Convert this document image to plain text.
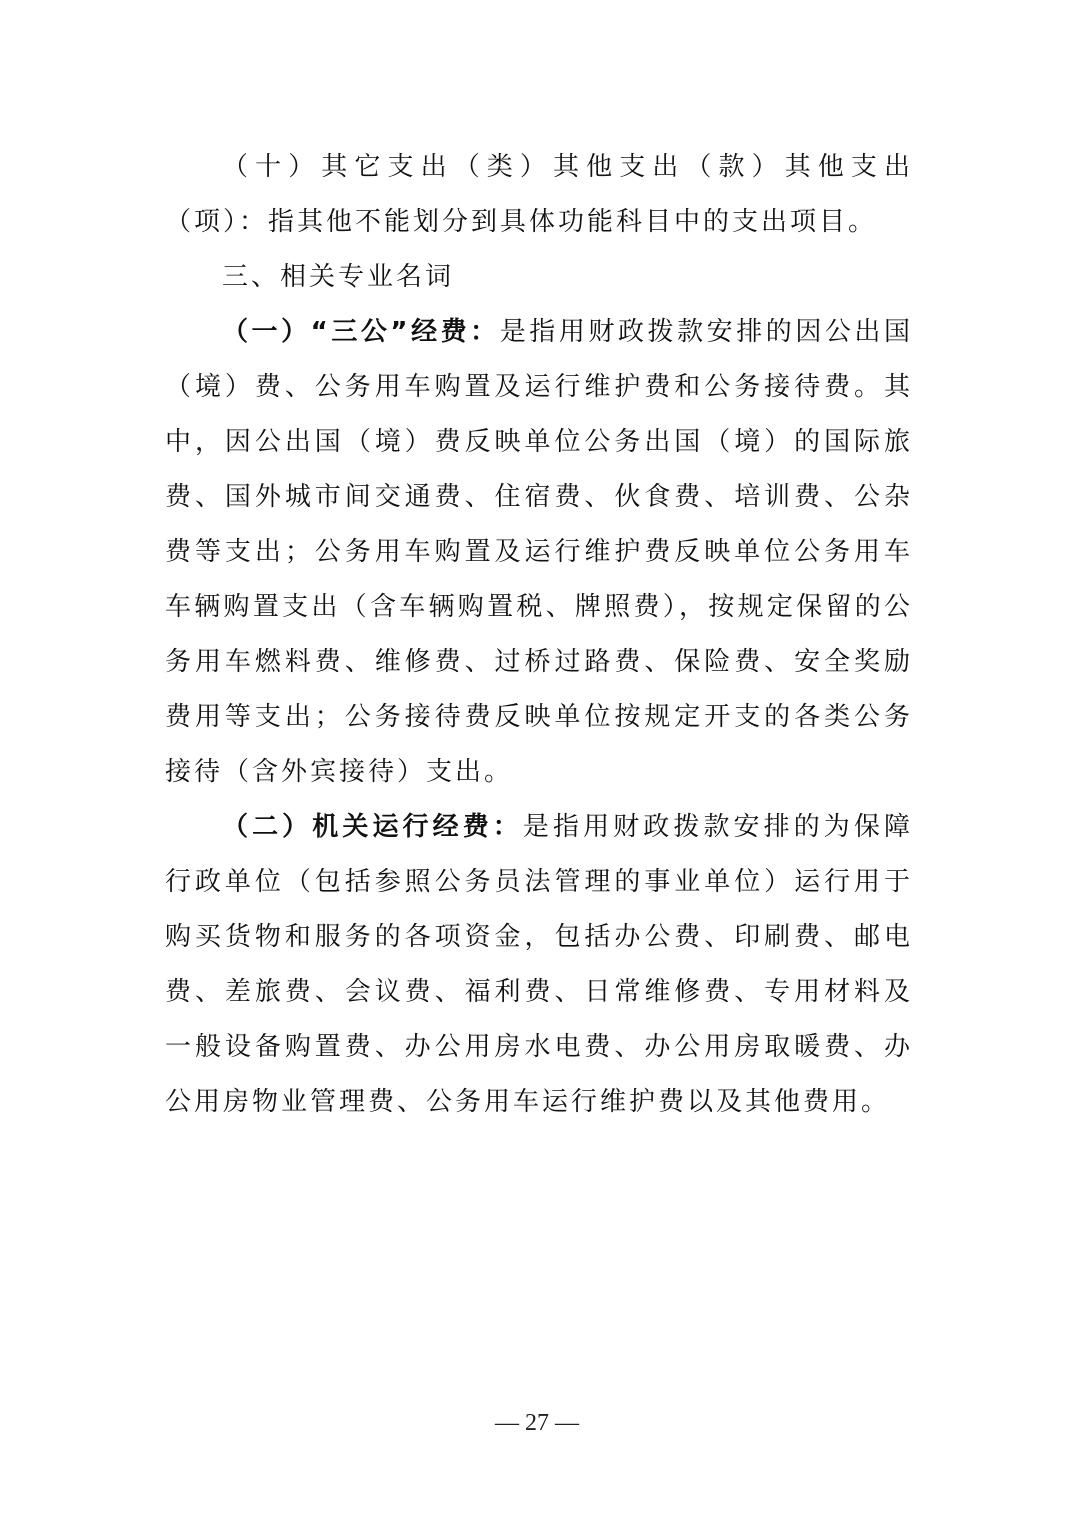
（十）其它支出（类）其他支出（款）其他支出（项）：指其他不能划分到具体功能科目中的支出项目。

三、相关专业名词

（一）“三公”经费：是指用财政拨款安排的因公出国（境）费、公务用车购置及运行维护费和公务接待费。其中，因公出国（境）费反映单位公务出国（境）的国际旅费、国外城市间交通费、住宿费、伙食费、培训费、公杂费等支出；公务用车购置及运行维护费反映单位公务用车车辆购置支出（含车辆购置税、牌照费），按规定保留的公务用车燃料费、维修费、过桥过路费、保险费、安全奖励费用等支出；公务接待费反映单位按规定开支的各类公务接待（含外宾接待）支出。

（二）机关运行经费：是指用财政拨款安排的为保障行政单位（包括参照公务员法管理的事业单位）运行用于购买货物和服务的各项资金，包括办公费、印刷费、邮电费、差旅费、会议费、福利费、日常维修费、专用材料及一般设备购置费、办公用房水电费、办公用房取暖费、办公用房物业管理费、公务用车运行维护费以及其他费用。

— 27 —
